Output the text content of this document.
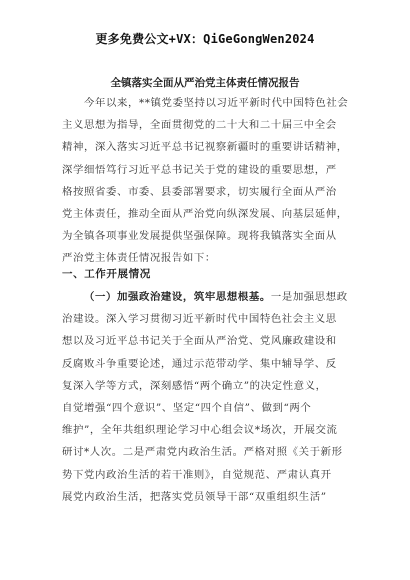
更多免费公文+VX：QiGeGongWen2024
全镇落实全面从严治党主体责任情况报告
今年以来，**镇党委坚持以习近平新时代中国特色社会
主义思想为指导，全面贯彻党的二十大和二十届三中全会
精神，深入落实习近平总书记视察新疆时的重要讲话精神，
深学细悟笃行习近平总书记关于党的建设的重要思想，严
格按照省委、市委、县委部署要求，切实履行全面从严治
党主体责任，推动全面从严治党向纵深发展、向基层延伸，
为全镇各项事业发展提供坚强保障。现将我镇落实全面从
严治党主体责任情况报告如下：
一、工作开展情况
（一）加强政治建设，筑牢思想根基。一是加强思想政
治建设。深入学习贯彻习近平新时代中国特色社会主义思
想以及习近平总书记关于全面从严治党、党风廉政建设和
反腐败斗争重要论述，通过示范带动学、集中辅导学、反
复深入学等方式，深刻感悟“两个确立”的决定性意义，
自觉增强“四个意识”、坚定“四个自信”、做到“两个
维护”，全年共组织理论学习中心组会议*场次，开展交流
研讨*人次。二是严肃党内政治生活。严格对照《关于新形
势下党内政治生活的若干准则》，自觉规范、严肃认真开
展党内政治生活，把落实党员领导干部“双重组织生活”
